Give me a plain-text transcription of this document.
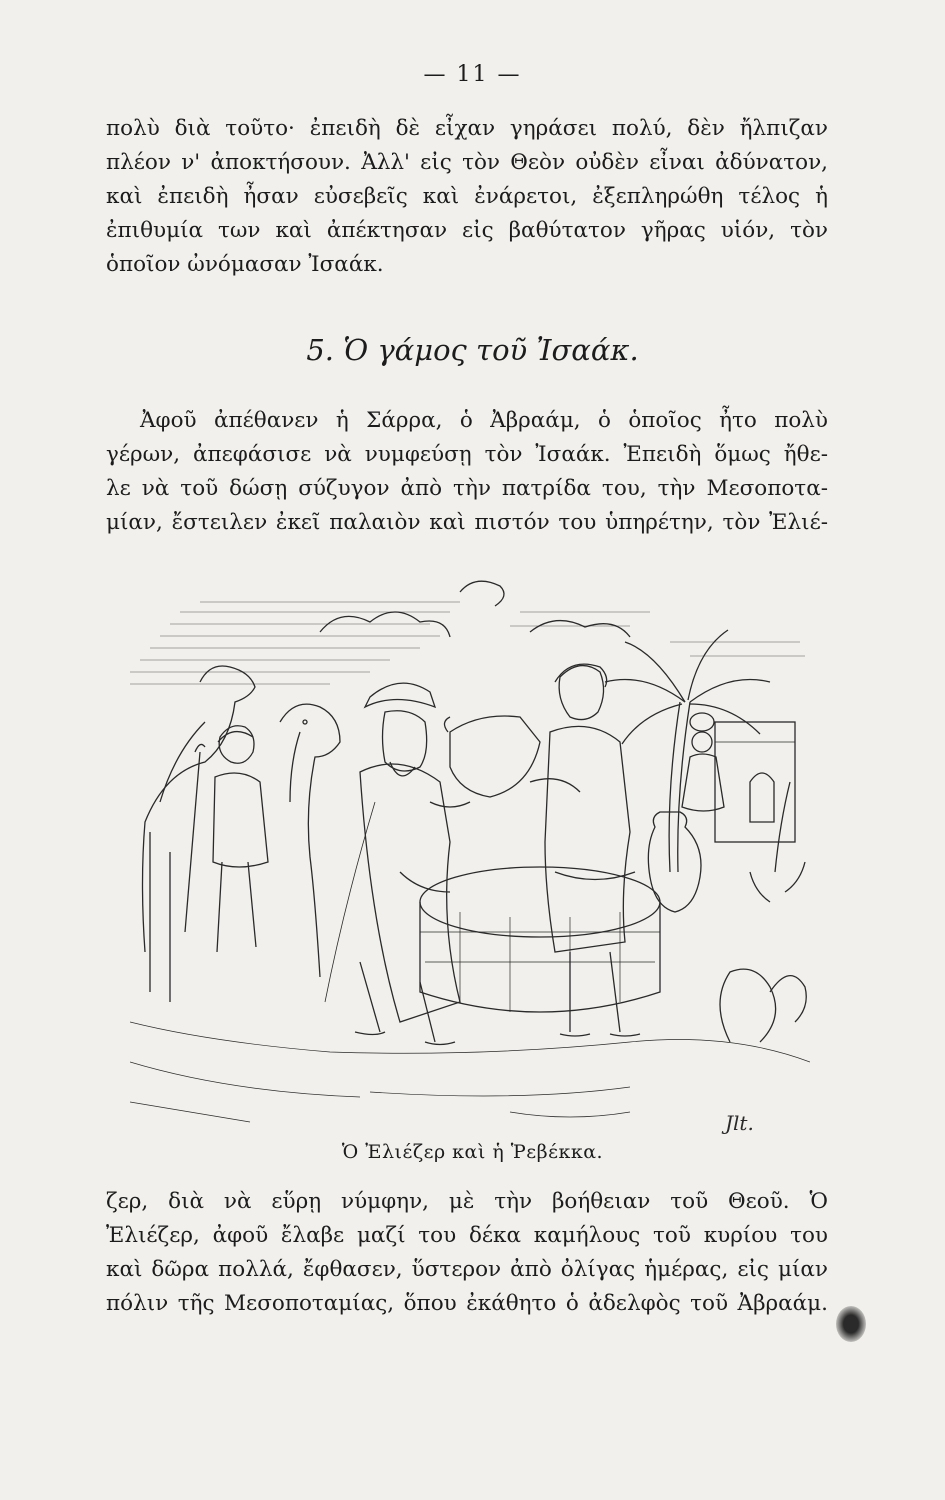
— 11 —
πολὺ διὰ τοῦτο· ἐπειδὴ δὲ εἶχαν γηράσει πολύ, δὲν ἤλπιζαν
πλέον ν' ἀποκτήσουν. Ἀλλ' εἰς τὸν Θεὸν οὐδὲν εἶναι ἀδύνατον,
καὶ ἐπειδὴ ἦσαν εὐσεβεῖς καὶ ἐνάρετοι, ἐξεπληρώθη τέλος ἡ
ἐπιθυμία των καὶ ἀπέκτησαν εἰς βαθύτατον γῆρας υἱόν, τὸν
ὁποῖον ὠνόμασαν Ἰσαάκ.
5. Ὁ γάμος τοῦ Ἰσαάκ.
Ἀφοῦ ἀπέθανεν ἡ Σάρρα, ὁ Ἀβραάμ, ὁ ὁποῖος ἦτο πολὺ
γέρων, ἀπεφάσισε νὰ νυμφεύσῃ τὸν Ἰσαάκ. Ἐπειδὴ ὅμως ἤθε-
λε νὰ τοῦ δώσῃ σύζυγον ἀπὸ τὴν πατρίδα του, τὴν Μεσοποτα-
μίαν, ἔστειλεν ἐκεῖ παλαιὸν καὶ πιστόν του ὑπηρέτην, τὸν Ἐλιέ-
Jlt.
Ὁ Ἐλιέζερ καὶ ἡ Ῥεβέκκα.
ζερ, διὰ νὰ εὕρῃ νύμφην, μὲ τὴν βοήθειαν τοῦ Θεοῦ. Ὁ
Ἐλιέζερ, ἀφοῦ ἔλαβε μαζί του δέκα καμήλους τοῦ κυρίου του
καὶ δῶρα πολλά, ἔφθασεν, ὕστερον ἀπὸ ὀλίγας ἡμέρας, εἰς μίαν
πόλιν τῆς Μεσοποταμίας, ὅπου ἐκάθητο ὁ ἀδελφὸς τοῦ Ἀβραάμ.
